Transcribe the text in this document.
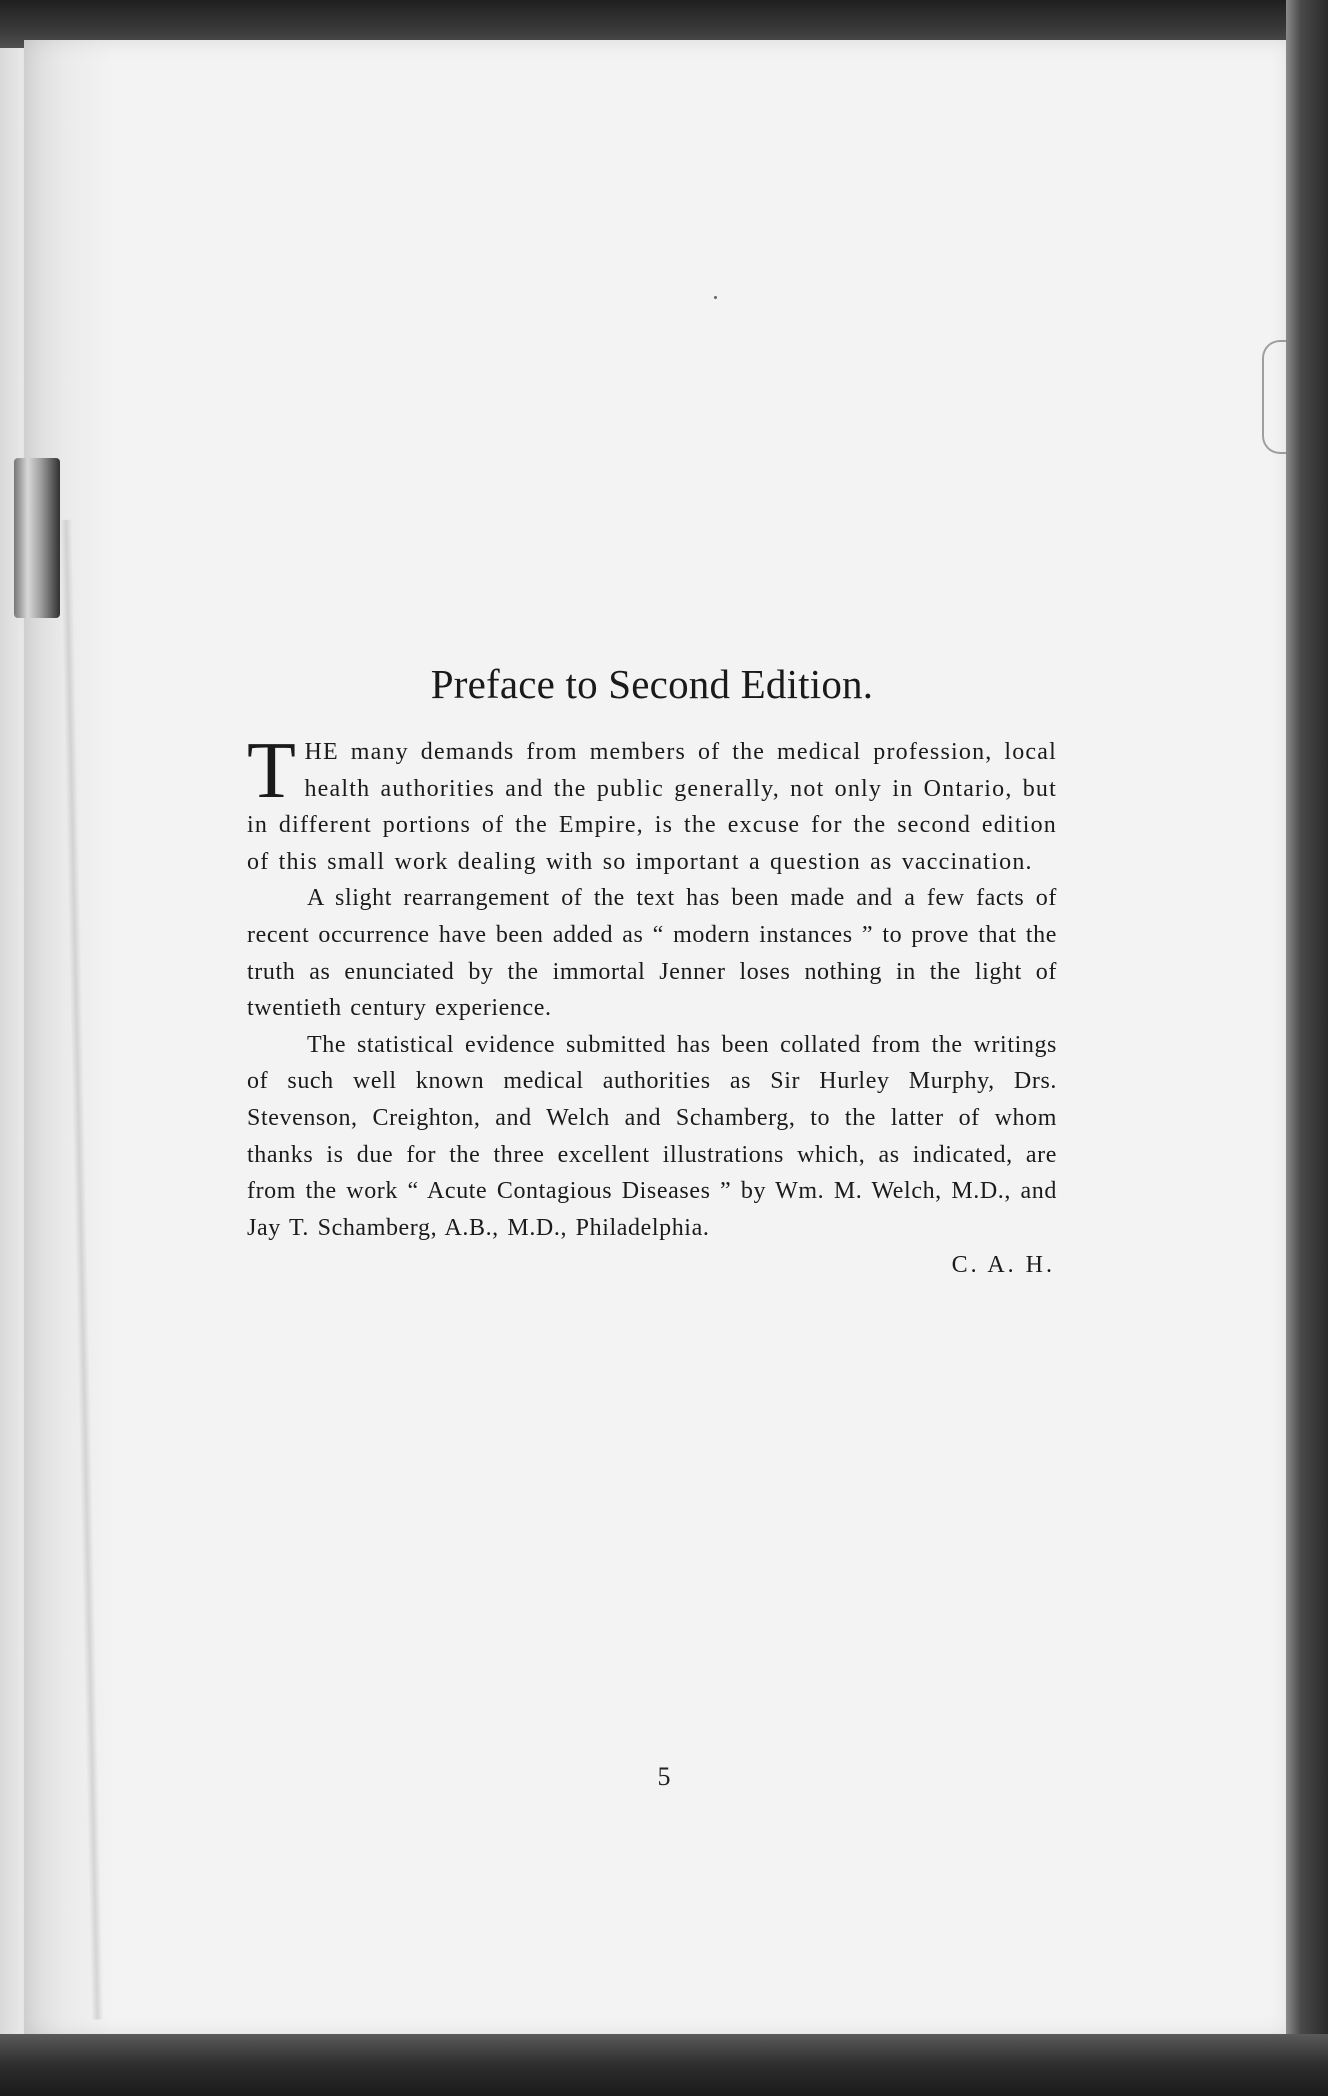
Preface to Second Edition.

THE many demands from members of the medical profession, local health authorities and the public generally, not only in Ontario, but in different portions of the Empire, is the excuse for the second edition of this small work dealing with so important a question as vaccination.

A slight rearrangement of the text has been made and a few facts of recent occurrence have been added as “ modern instances ” to prove that the truth as enunciated by the immortal Jenner loses nothing in the light of twentieth century experience.

The statistical evidence submitted has been collated from the writings of such well known medical authorities as Sir Hurley Murphy, Drs. Stevenson, Creighton, and Welch and Schamberg, to the latter of whom thanks is due for the three excellent illustrations which, as indicated, are from the work “ Acute Contagious Diseases ” by Wm. M. Welch, M.D., and Jay T. Schamberg, A.B., M.D., Philadelphia.

C. A. H.

5
